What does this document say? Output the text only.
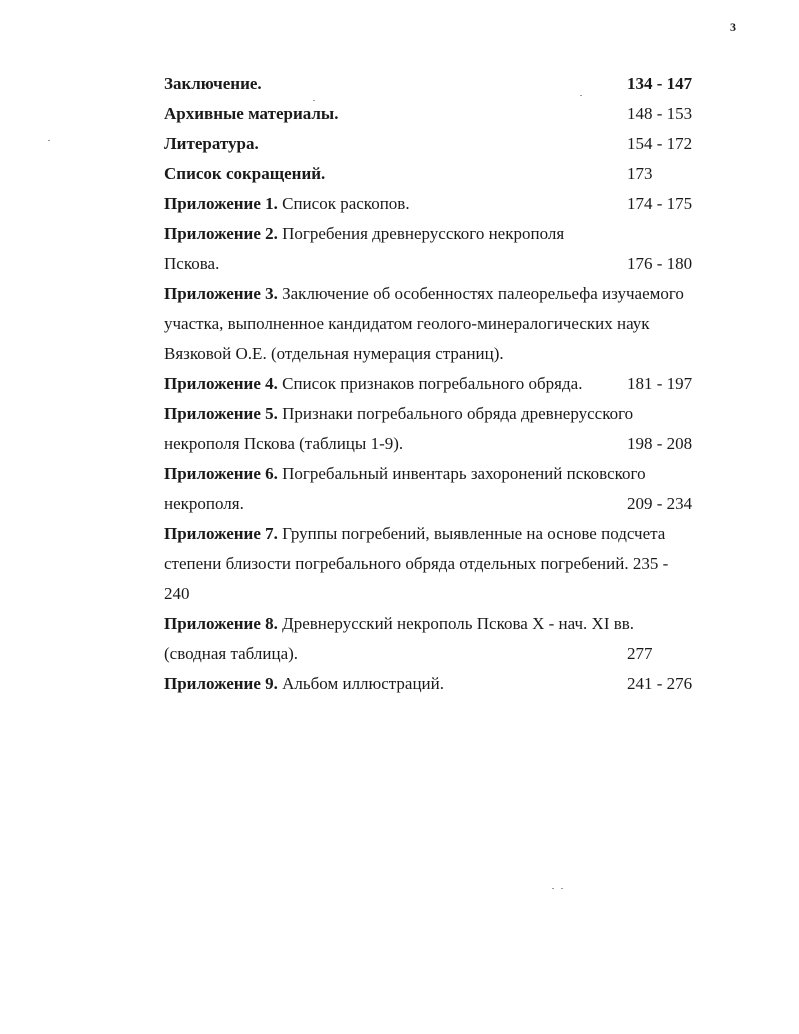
3
Заключение.	134 - 147
Архивные материалы.	148 - 153
Литература.	154 - 172
Список сокращений.	173
Приложение 1. Список раскопов.	174 - 175
Приложение 2. Погребения древнерусского некрополя
Пскова.	176 - 180
Приложение 3. Заключение об особенностях палеорельефа изучаемого
участка, выполненное кандидатом геолого-минералогических наук
Вязковой О.Е. (отдельная нумерация страниц).
Приложение 4. Список признаков погребального обряда.	181 - 197
Приложение 5. Признаки погребального обряда древнерусского
некрополя Пскова (таблицы 1-9).	198 - 208
Приложение 6. Погребальный инвентарь захоронений псковского
некрополя.	209 - 234
Приложение 7. Группы погребений, выявленные на основе подсчета
степени близости погребального обряда отдельных погребений. 235 -
240
Приложение 8. Древнерусский некрополь Пскова X - нач. XI вв.
(сводная таблица).	277
Приложение 9. Альбом иллюстраций.	241 - 276
